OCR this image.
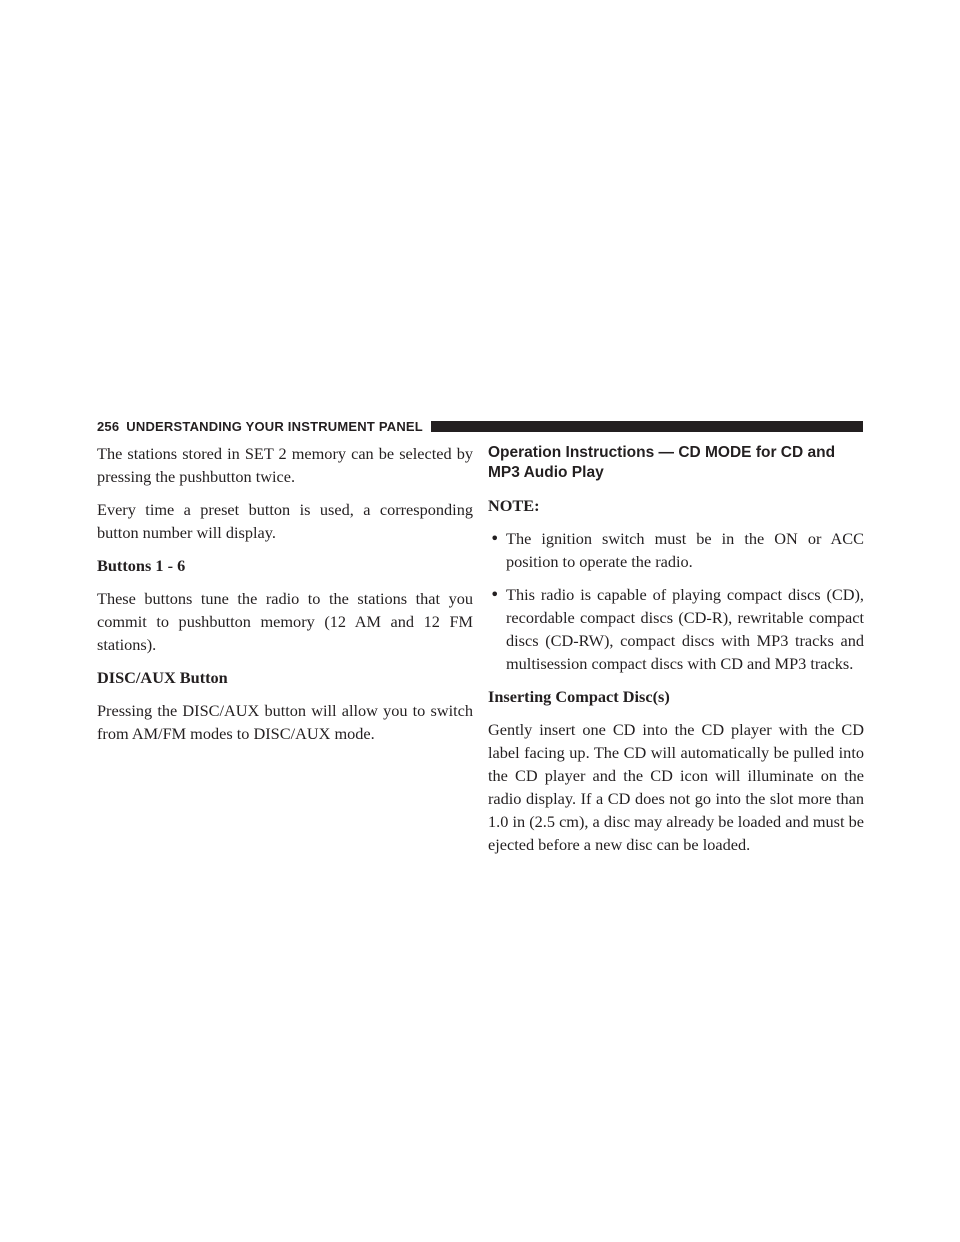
256 UNDERSTANDING YOUR INSTRUMENT PANEL

The stations stored in SET 2 memory can be selected by pressing the pushbutton twice.

Every time a preset button is used, a corresponding button number will display.

Buttons 1 - 6

These buttons tune the radio to the stations that you commit to pushbutton memory (12 AM and 12 FM stations).

DISC/AUX Button

Pressing the DISC/AUX button will allow you to switch from AM/FM modes to DISC/AUX mode.

Operation Instructions — CD MODE for CD and MP3 Audio Play
NOTE:
• The ignition switch must be in the ON or ACC position to operate the radio.

• This radio is capable of playing compact discs (CD), recordable compact discs (CD-R), rewritable compact discs (CD-RW), compact discs with MP3 tracks and multisession compact discs with CD and MP3 tracks.

Inserting Compact Disc(s)

Gently insert one CD into the CD player with the CD label facing up. The CD will automatically be pulled into the CD player and the CD icon will illuminate on the radio display. If a CD does not go into the slot more than 1.0 in (2.5 cm), a disc may already be loaded and must be ejected before a new disc can be loaded.
